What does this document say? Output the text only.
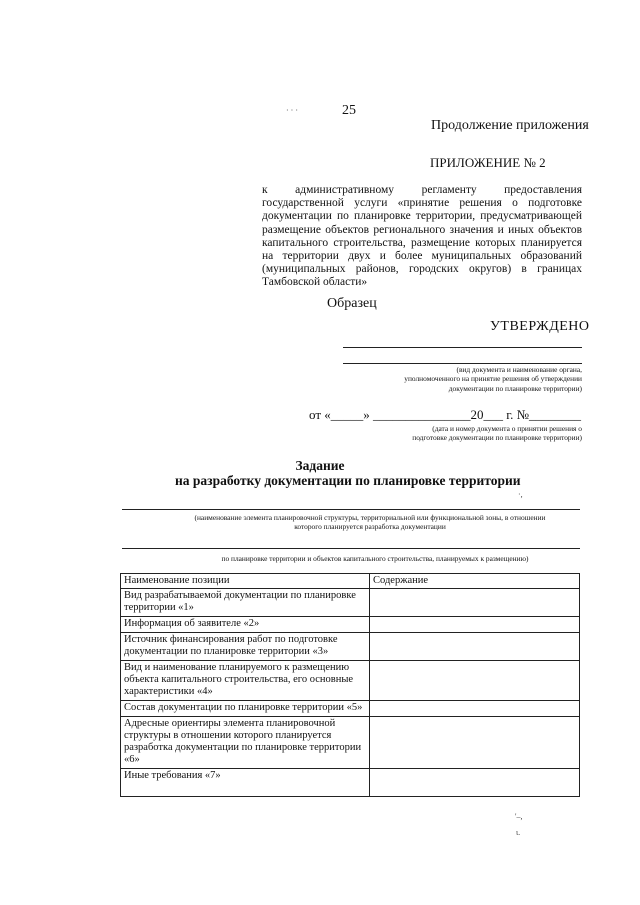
25
· · ·
Продолжение приложения
ПРИЛОЖЕНИЕ № 2
к административному регламенту предоставления государственной услуги «принятие решения о подготовке документации по планировке территории, предусматривающей размещение объектов регионального значения и иных объектов капитального строительства, размещение которых планируется на территории двух и более муниципальных образований (муниципальных районов, городских округов) в границах Тамбовской области»
Образец
УТВЕРЖДЕНО
(вид документа и наименование органа,
уполномоченного на принятие решения об утверждении
документации по планировке территории)
от «_____» _______________20___ г. №________
(дата и номер документа о принятии решения о
подготовке документации по планировке территории)
Задание
на разработку документации по планировке территории
·,
(наименование элемента планировочной структуры, территориальной или функциональной зоны, в отношении
которого планируется разработка документации
по планировке территории и объектов капитального строительства, планируемых к размещению)
Наименование позиции	Содержание
Вид разрабатываемой документации по планировке территории «1»	
Информация об заявителе «2»	
Источник финансирования работ по подготовке документации по планировке территории «3»	
Вид и наименование планируемого к размещению объекта капитального строительства, его основные характеристики «4»	
Состав документации по планировке территории «5»	
Адресные ориентиры элемента планировочной структуры в отношении которого планируется разработка документации по планировке территории «6»	
Иные требования «7»	
'–,
ι.
